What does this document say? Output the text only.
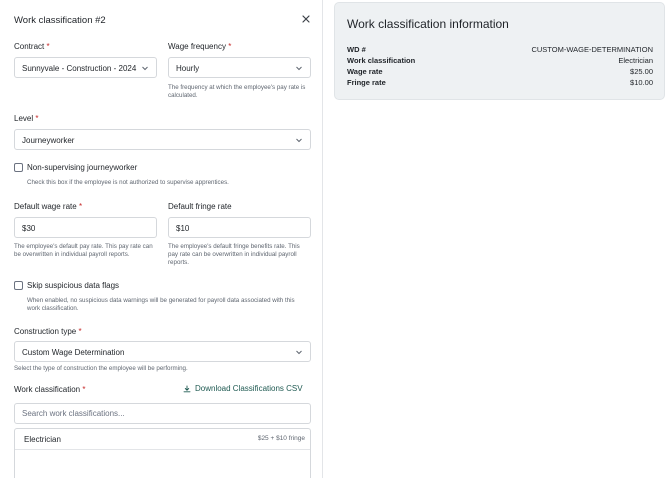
Work classification #2
Contract *
Sunnyvale - Construction - 2024
Wage frequency *
Hourly
The frequency at which the employee's pay rate is calculated.
Level *
Journeyworker
Non-supervising journeyworker
Check this box if the employee is not authorized to supervise apprentices.
Default wage rate *
$30
The employee's default pay rate. This pay rate can be overwritten in individual payroll reports.
Default fringe rate
$10
The employee's default fringe benefits rate. This pay rate can be overwritten in individual payroll reports.
Skip suspicious data flags
When enabled, no suspicious data warnings will be generated for payroll data associated with this work classification.
Construction type *
Custom Wage Determination
Select the type of construction the employee will be performing.
Work classification *	Download Classifications CSV
Search work classifications...
Electrician	$25 + $10 fringe
Work classification information
WD #	CUSTOM-WAGE-DETERMINATION
Work classification	Electrician
Wage rate	$25.00
Fringe rate	$10.00
